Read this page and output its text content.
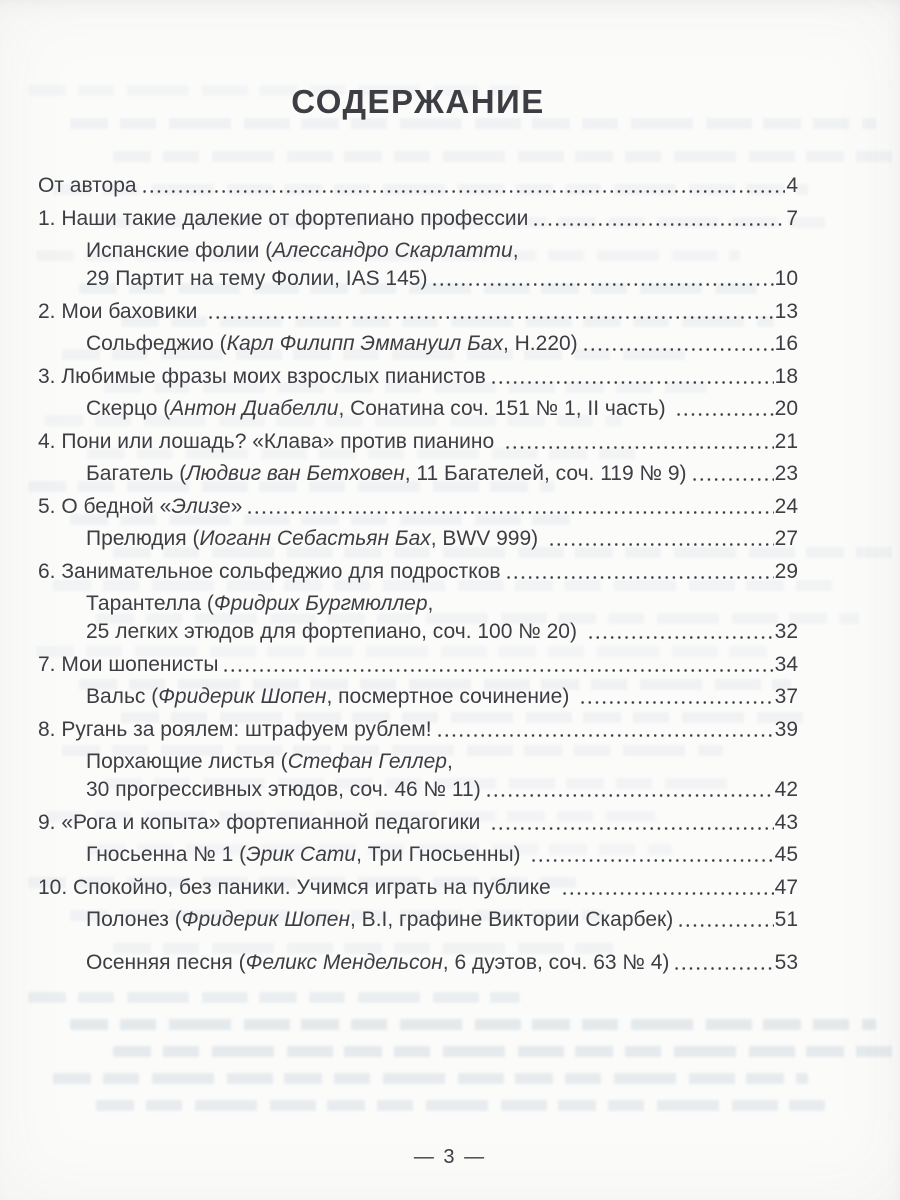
СОДЕРЖАНИЕ
От автора	4
1. Наши такие далекие от фортепиано профессии	7
Испанские фолии (Алессандро Скарлатти,
29 Партит на тему Фолии, IAS 145)	10
2. Мои баховики	13
Сольфеджио (Карл Филипп Эммануил Бах, H.220)	16
3. Любимые фразы моих взрослых пианистов	18
Скерцо (Антон Диабелли, Сонатина соч. 151 № 1, II часть)	20
4. Пони или лошадь? «Клава» против пианино	21
Багатель (Людвиг ван Бетховен, 11 Багателей, соч. 119 № 9)	23
5. О бедной «Элизе»	24
Прелюдия (Иоганн Себастьян Бах, BWV 999)	27
6. Занимательное сольфеджио для подростков	29
Тарантелла (Фридрих Бургмюллер,
25 легких этюдов для фортепиано, соч. 100 № 20)	32
7. Мои шопенисты	34
Вальс (Фридерик Шопен, посмертное сочинение)	37
8. Ругань за роялем: штрафуем рублем!	39
Порхающие листья (Стефан Геллер,
30 прогрессивных этюдов, соч. 46 № 11)	42
9. «Рога и копыта» фортепианной педагогики	43
Гносьенна № 1 (Эрик Сати, Три Гносьенны)	45
10. Спокойно, без паники. Учимся играть на публике	47
Полонез (Фридерик Шопен, B.I, графине Виктории Скарбек)	51
Осенняя песня (Феликс Мендельсон, 6 дуэтов, соч. 63 № 4)	53
— 3 —
